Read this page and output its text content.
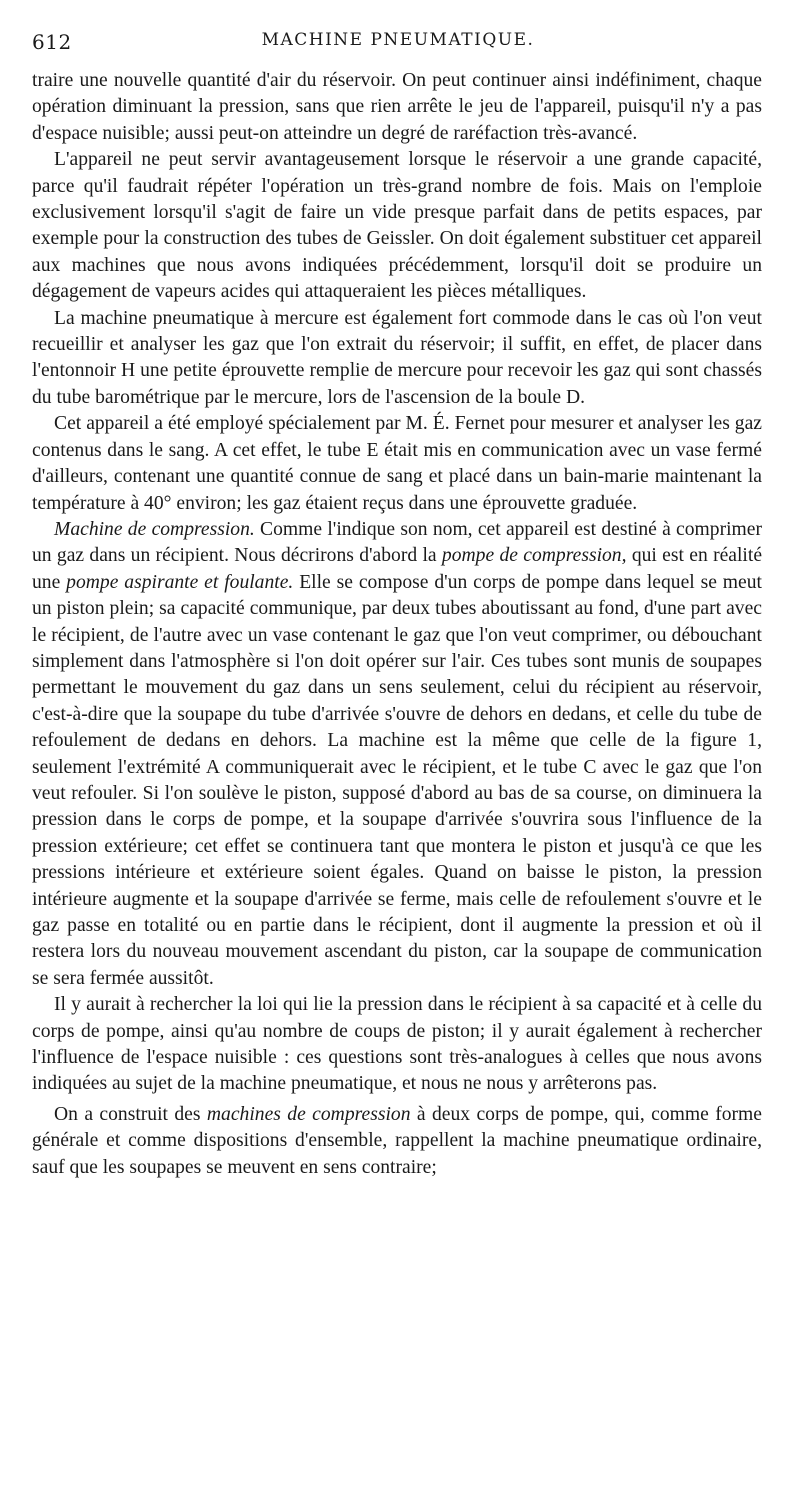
612	MACHINE PNEUMATIQUE.

traire une nouvelle quantité d'air du réservoir. On peut continuer ainsi indéfiniment, chaque opération diminuant la pression, sans que rien arrête le jeu de l'appareil, puisqu'il n'y a pas d'espace nuisible; aussi peut-on atteindre un degré de raréfaction très-avancé.

L'appareil ne peut servir avantageusement lorsque le réservoir a une grande capacité, parce qu'il faudrait répéter l'opération un très-grand nombre de fois. Mais on l'emploie exclusivement lorsqu'il s'agit de faire un vide presque parfait dans de petits espaces, par exemple pour la construction des tubes de Geissler. On doit également substituer cet appareil aux machines que nous avons indiquées précédemment, lorsqu'il doit se produire un dégagement de vapeurs acides qui attaqueraient les pièces métalliques.

La machine pneumatique à mercure est également fort commode dans le cas où l'on veut recueillir et analyser les gaz que l'on extrait du réservoir; il suffit, en effet, de placer dans l'entonnoir H une petite éprouvette remplie de mercure pour recevoir les gaz qui sont chassés du tube barométrique par le mercure, lors de l'ascension de la boule D.

Cet appareil a été employé spécialement par M. É. Fernet pour mesurer et analyser les gaz contenus dans le sang. A cet effet, le tube E était mis en communication avec un vase fermé d'ailleurs, contenant une quantité connue de sang et placé dans un bain-marie maintenant la température à 40° environ; les gaz étaient reçus dans une éprouvette graduée.

Machine de compression. Comme l'indique son nom, cet appareil est destiné à comprimer un gaz dans un récipient. Nous décrirons d'abord la pompe de compression, qui est en réalité une pompe aspirante et foulante. Elle se compose d'un corps de pompe dans lequel se meut un piston plein; sa capacité communique, par deux tubes aboutissant au fond, d'une part avec le récipient, de l'autre avec un vase contenant le gaz que l'on veut comprimer, ou débouchant simplement dans l'atmosphère si l'on doit opérer sur l'air. Ces tubes sont munis de soupapes permettant le mouvement du gaz dans un sens seulement, celui du récipient au réservoir, c'est-à-dire que la soupape du tube d'arrivée s'ouvre de dehors en dedans, et celle du tube de refoulement de dedans en dehors. La machine est la même que celle de la figure 1, seulement l'extrémité A communiquerait avec le récipient, et le tube C avec le gaz que l'on veut refouler. Si l'on soulève le piston, supposé d'abord au bas de sa course, on diminuera la pression dans le corps de pompe, et la soupape d'arrivée s'ouvrira sous l'influence de la pression extérieure; cet effet se continuera tant que montera le piston et jusqu'à ce que les pressions intérieure et extérieure soient égales. Quand on baisse le piston, la pression intérieure augmente et la soupape d'arrivée se ferme, mais celle de refoulement s'ouvre et le gaz passe en totalité ou en partie dans le récipient, dont il augmente la pression et où il restera lors du nouveau mouvement ascendant du piston, car la soupape de communication se sera fermée aussitôt.

Il y aurait à rechercher la loi qui lie la pression dans le récipient à sa capacité et à celle du corps de pompe, ainsi qu'au nombre de coups de piston; il y aurait également à rechercher l'influence de l'espace nuisible : ces questions sont très-analogues à celles que nous avons indiquées au sujet de la machine pneumatique, et nous ne nous y arrêterons pas.

On a construit des machines de compression à deux corps de pompe, qui, comme forme générale et comme dispositions d'ensemble, rappellent la machine pneumatique ordinaire, sauf que les soupapes se meuvent en sens contraire;
